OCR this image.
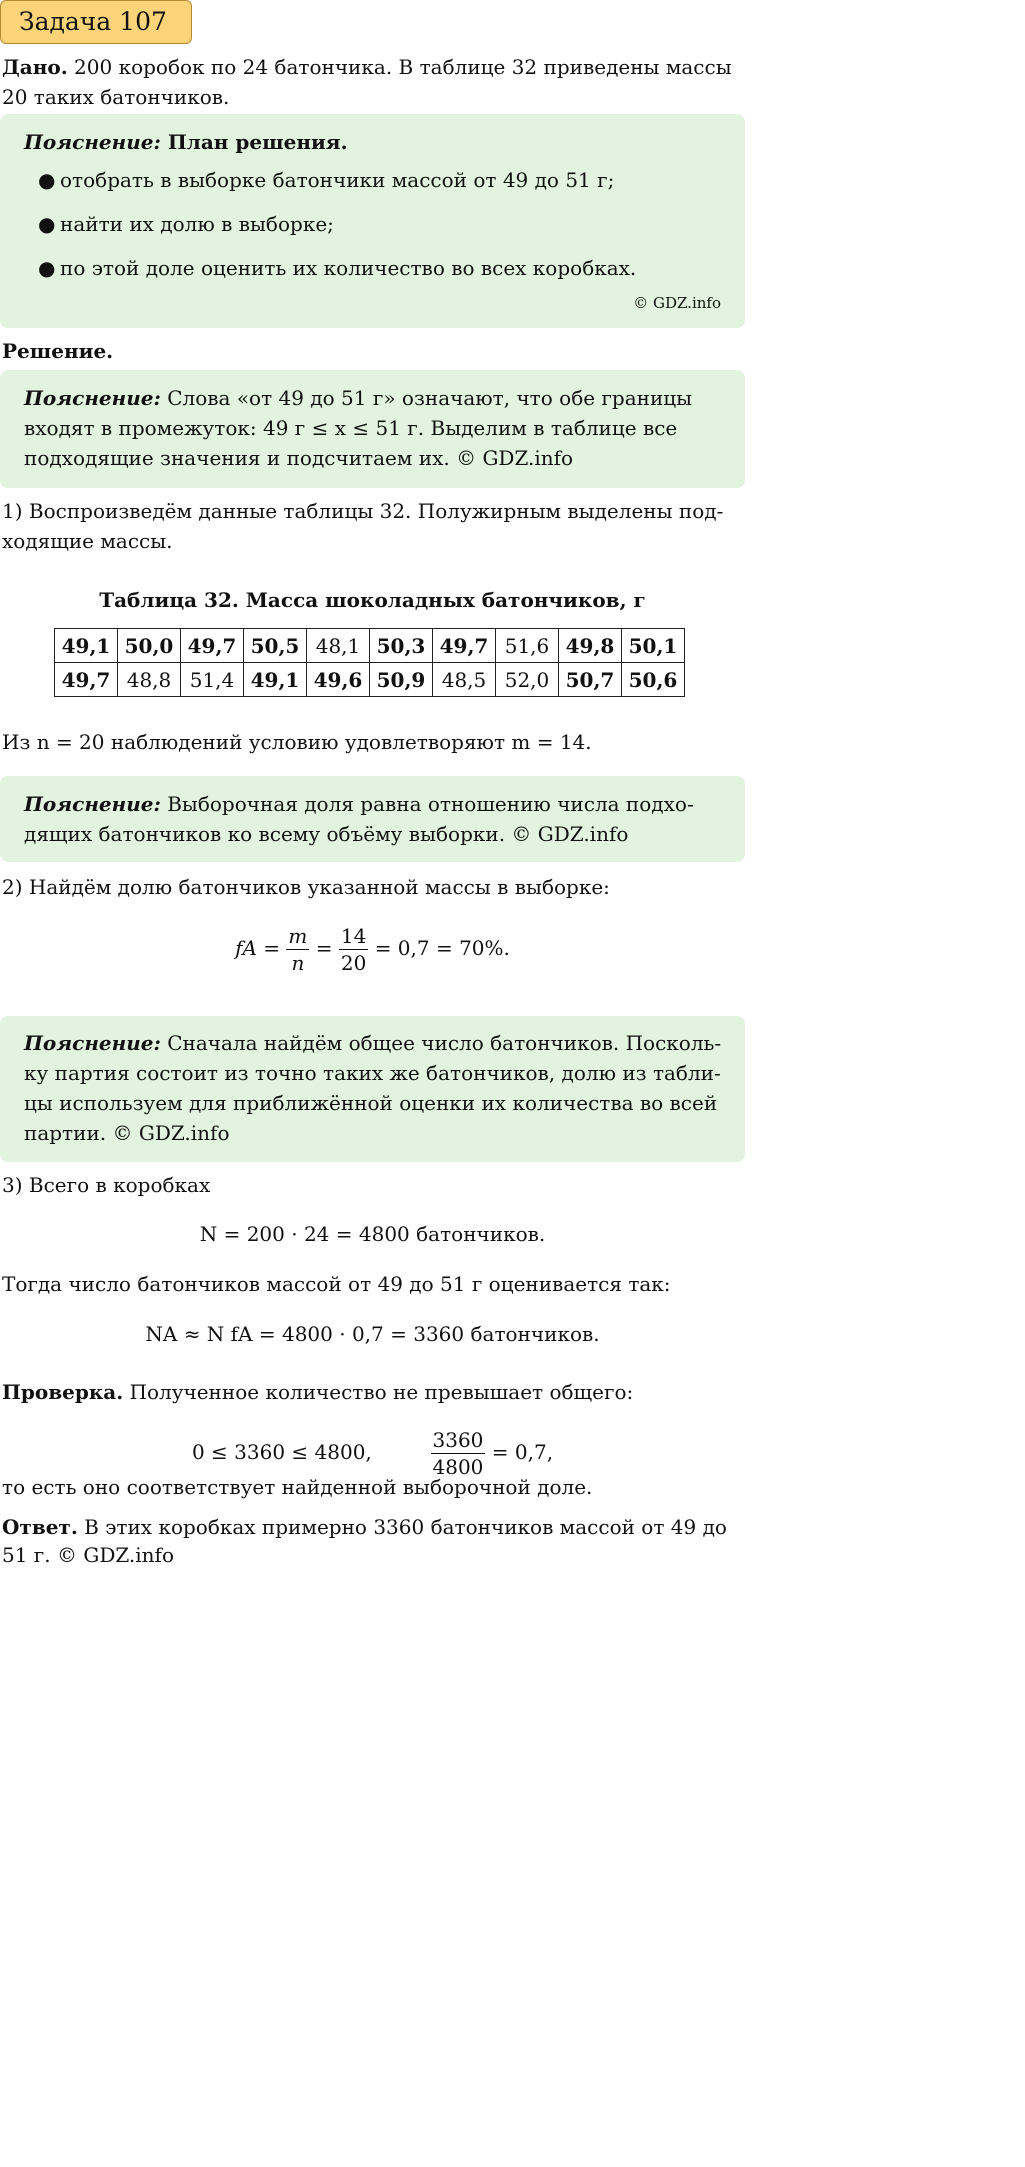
Задача 107
Дано. 200 коробок по 24 батончика. В таблице 32 приведены массы
20 таких батончиков.
Пояснение: План решения.
● отобрать в выборке батончики массой от 49 до 51 г;
● найти их долю в выборке;
● по этой доле оценить их количество во всех коробках.
© GDZ.info
Решение.
Пояснение: Слова «от 49 до 51 г» означают, что обе границы
входят в промежуток: 49 г ≤ x ≤ 51 г. Выделим в таблице все
подходящие значения и подсчитаем их. © GDZ.info
1) Воспроизведём данные таблицы 32. Полужирным выделены под-
ходящие массы.
Таблица 32. Масса шоколадных батончиков, г
49,1	50,0	49,7	50,5	48,1	50,3	49,7	51,6	49,8	50,1
49,7	48,8	51,4	49,1	49,6	50,9	48,5	52,0	50,7	50,6
Из n = 20 наблюдений условию удовлетворяют m = 14.
Пояснение: Выборочная доля равна отношению числа подхо-
дящих батончиков ко всему объёму выборки. © GDZ.info
2) Найдём долю батончиков указанной массы в выборке:
fA = $\frac{m}{n} = \frac{14}{20} = 0,7 = 70\%$.
Пояснение: Сначала найдём общее число батончиков. Посколь-
ку партия состоит из точно таких же батончиков, долю из табли-
цы используем для приближённой оценки их количества во всей
партии. © GDZ.info
3) Всего в коробках
N = 200 · 24 = 4800 батончиков.
Тогда число батончиков массой от 49 до 51 г оценивается так:
NA ≈ N fA = 4800 · 0,7 = 3360 батончиков.
Проверка. Полученное количество не превышает общего:
0 ≤ 3360 ≤ 4800,	$\frac{3360}{4800} = 0,7$,
то есть оно соответствует найденной выборочной доле.
Ответ. В этих коробках примерно 3360 батончиков массой от 49 до
51 г. © GDZ.info
